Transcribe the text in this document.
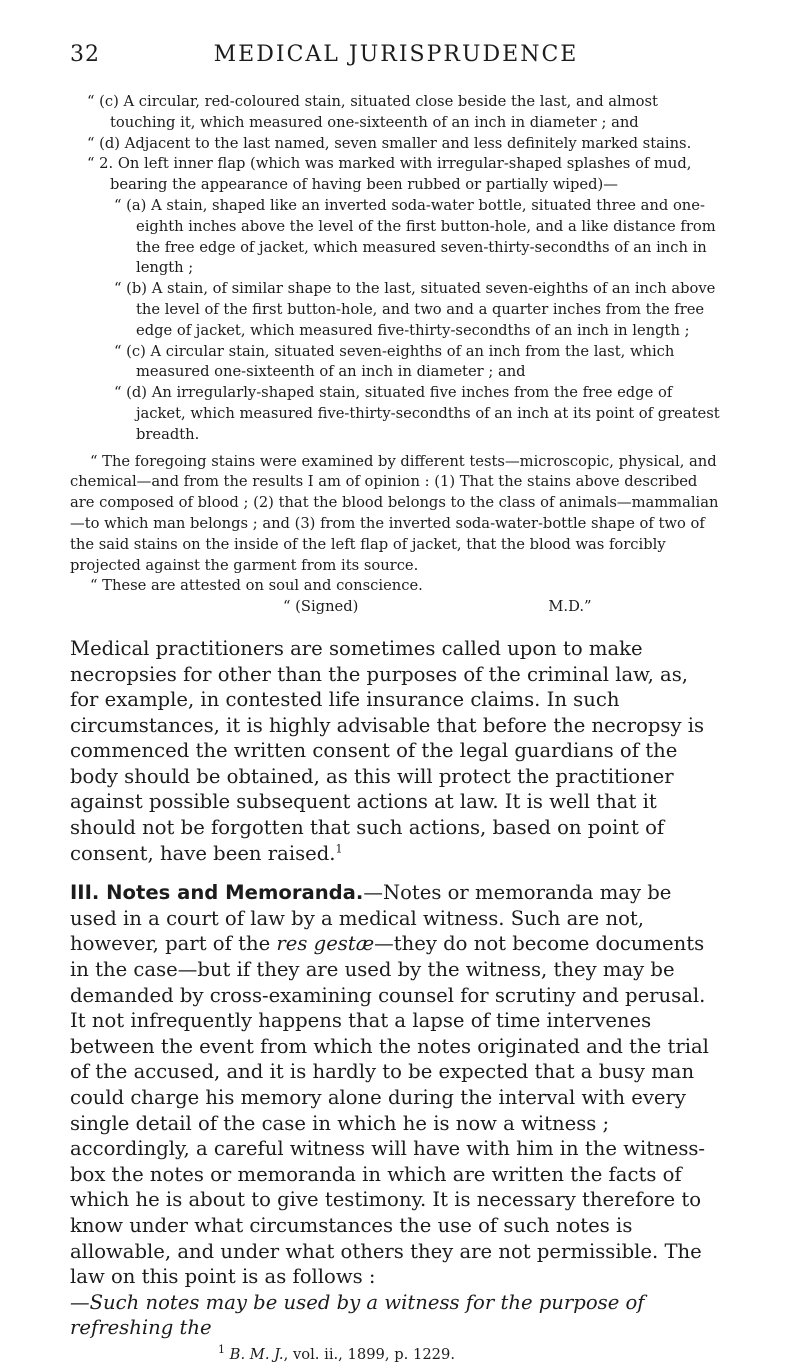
32	MEDICAL JURISPRUDENCE

“ (c) A circular, red-coloured stain, situated close beside the last, and almost touching it, which measured one-sixteenth of an inch in diameter ; and

“ (d) Adjacent to the last named, seven smaller and less definitely marked stains.

“ 2. On left inner flap (which was marked with irregular-shaped splashes of mud, bearing the appearance of having been rubbed or partially wiped)—

“ (a) A stain, shaped like an inverted soda-water bottle, situated three and one-eighth inches above the level of the first button-hole, and a like distance from the free edge of jacket, which measured seven-thirty-secondths of an inch in length ;

“ (b) A stain, of similar shape to the last, situated seven-eighths of an inch above the level of the first button-hole, and two and a quarter inches from the free edge of jacket, which measured five-thirty-secondths of an inch in length ;

“ (c) A circular stain, situated seven-eighths of an inch from the last, which measured one-sixteenth of an inch in diameter ; and

“ (d) An irregularly-shaped stain, situated five inches from the free edge of jacket, which measured five-thirty-secondths of an inch at its point of greatest breadth.

“ The foregoing stains were examined by different tests—microscopic, physical, and chemical—and from the results I am of opinion : (1) That the stains above described are composed of blood ; (2) that the blood belongs to the class of animals—mammalian—to which man belongs ; and (3) from the inverted soda-water-bottle shape of two of the said stains on the inside of the left flap of jacket, that the blood was forcibly projected against the garment from its source.

“ These are attested on soul and conscience.

“ (Signed)	M.D.”

Medical practitioners are sometimes called upon to make necropsies for other than the purposes of the criminal law, as, for example, in contested life insurance claims. In such circumstances, it is highly advisable that before the necropsy is commenced the written consent of the legal guardians of the body should be obtained, as this will protect the practitioner against possible subsequent actions at law. It is well that it should not be forgotten that such actions, based on point of consent, have been raised.$^1$

III. Notes and Memoranda.—Notes or memoranda may be used in a court of law by a medical witness. Such are not, however, part of the res gestæ—they do not become documents in the case—but if they are used by the witness, they may be demanded by cross-examining counsel for scrutiny and perusal.

It not infrequently happens that a lapse of time intervenes between the event from which the notes originated and the trial of the accused, and it is hardly to be expected that a busy man could charge his memory alone during the interval with every single detail of the case in which he is now a witness ; accordingly, a careful witness will have with him in the witness-box the notes or memoranda in which are written the facts of which he is about to give testimony. It is necessary therefore to know under what circumstances the use of such notes is allowable, and under what others they are not permissible. The law on this point is as follows :
—Such notes may be used by a witness for the purpose of refreshing the

$^1$ B. M. J., vol. ii., 1899, p. 1229.
